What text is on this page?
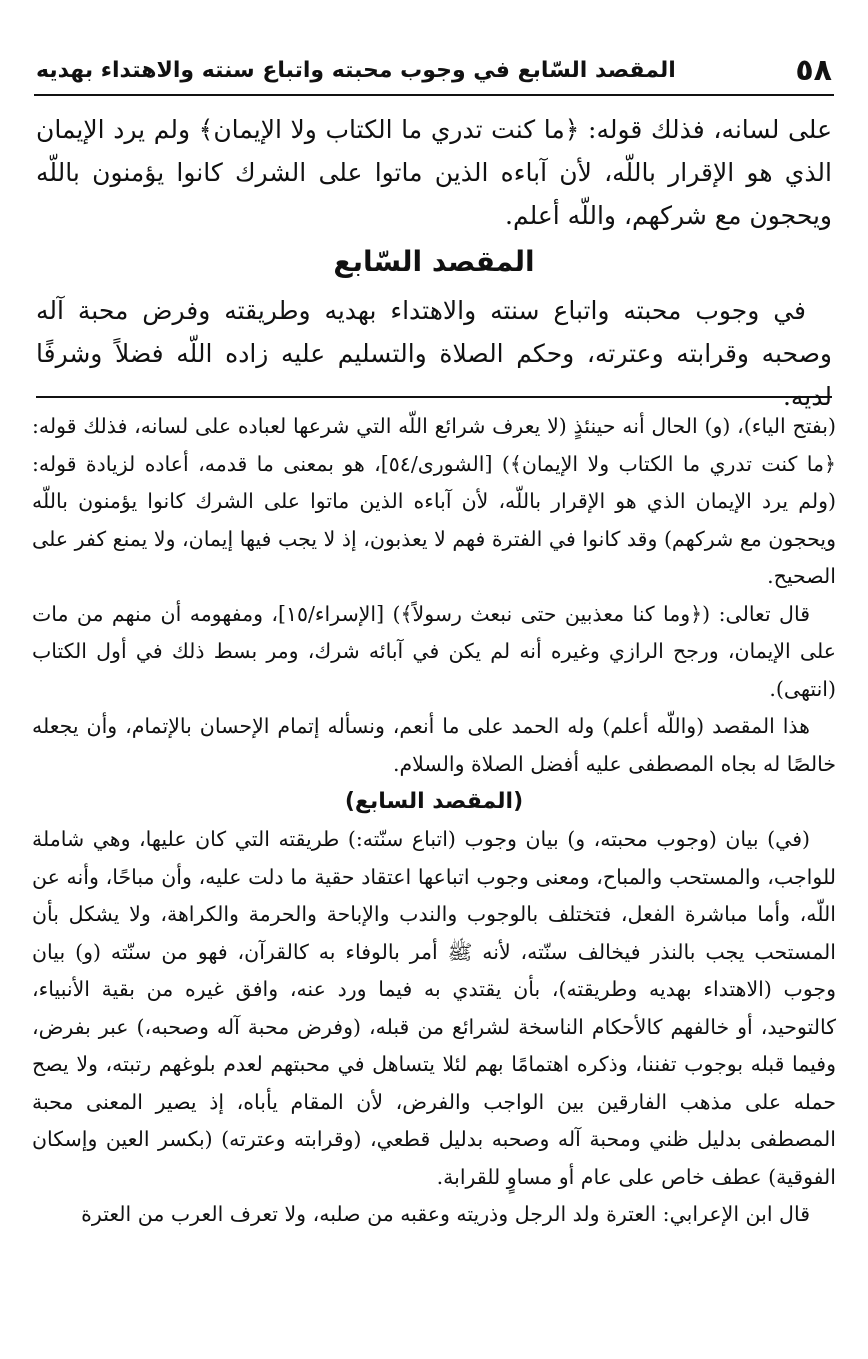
٥٨
المقصد السّابع في وجوب محبته واتباع سنته والاهتداء بهديه

على لسانه، فذلك قوله: ﴿ما كنت تدري ما الكتاب ولا الإيمان﴾ ولم يرد الإيمان الذي هو الإقرار باللّه، لأن آباءه الذين ماتوا على الشرك كانوا يؤمنون باللّه ويحجون مع شركهم، واللّه أعلم.

المقصد السّابع

في وجوب محبته واتباع سنته والاهتداء بهديه وطريقته وفرض محبة آله وصحبه وقرابته وعترته، وحكم الصلاة والتسليم عليه زاده اللّه فضلاً وشرفًا لديه.

(بفتح الياء)، (و) الحال أنه حينئذٍ (لا يعرف شرائع اللّه التي شرعها لعباده على لسانه، فذلك قوله: ﴿ما كنت تدري ما الكتاب ولا الإيمان﴾) [الشورى/٥٤]، هو بمعنى ما قدمه، أعاده لزيادة قوله: (ولم يرد الإيمان الذي هو الإقرار باللّه، لأن آباءه الذين ماتوا على الشرك كانوا يؤمنون باللّه ويحجون مع شركهم) وقد كانوا في الفترة فهم لا يعذبون، إذ لا يجب فيها إيمان، ولا يمنع كفر على الصحيح.

قال تعالى: (﴿وما كنا معذبين حتى نبعث رسولاً﴾) [الإسراء/١٥]، ومفهومه أن منهم من مات على الإيمان، ورجح الرازي وغيره أنه لم يكن في آبائه شرك، ومر بسط ذلك في أول الكتاب (انتهى).

هذا المقصد (واللّه أعلم) وله الحمد على ما أنعم، ونسأله إتمام الإحسان بالإتمام، وأن يجعله خالصًا له بجاه المصطفى عليه أفضل الصلاة والسلام.

(المقصد السابع)

(في) بيان (وجوب محبته، و) بيان وجوب (اتباع سنّته:) طريقته التي كان عليها، وهي شاملة للواجب، والمستحب والمباح، ومعنى وجوب اتباعها اعتقاد حقية ما دلت عليه، وأن مباحًا، وأنه عن اللّه، وأما مباشرة الفعل، فتختلف بالوجوب والندب والإباحة والحرمة والكراهة، ولا يشكل بأن المستحب يجب بالنذر فيخالف سنّته، لأنه ﷺ أمر بالوفاء به كالقرآن، فهو من سنّته (و) بيان وجوب (الاهتداء بهديه وطريقته)، بأن يقتدي به فيما ورد عنه، وافق غيره من بقية الأنبياء، كالتوحيد، أو خالفهم كالأحكام الناسخة لشرائع من قبله، (وفرض محبة آله وصحبه،) عبر بفرض، وفيما قبله بوجوب تفننا، وذكره اهتمامًا بهم لئلا يتساهل في محبتهم لعدم بلوغهم رتبته، ولا يصح حمله على مذهب الفارقين بين الواجب والفرض، لأن المقام يأباه، إذ يصير المعنى محبة المصطفى بدليل ظني ومحبة آله وصحبه بدليل قطعي، (وقرابته وعترته) (بكسر العين وإسكان الفوقية) عطف خاص على عام أو مساوٍ للقرابة.

قال ابن الإعرابي: العترة ولد الرجل وذريته وعقبه من صلبه، ولا تعرف العرب من العترة
